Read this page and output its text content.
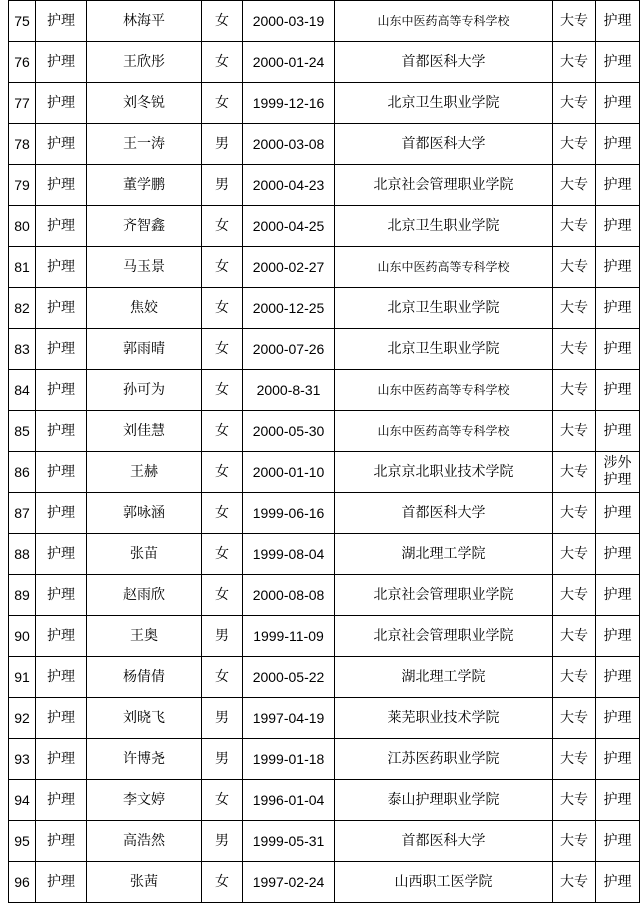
75	护理	林海平	女	2000-03-19	山东中医药高等专科学校	大专	护理
76	护理	王欣彤	女	2000-01-24	首都医科大学	大专	护理
77	护理	刘冬锐	女	1999-12-16	北京卫生职业学院	大专	护理
78	护理	王一涛	男	2000-03-08	首都医科大学	大专	护理
79	护理	董学鹏	男	2000-04-23	北京社会管理职业学院	大专	护理
80	护理	齐智鑫	女	2000-04-25	北京卫生职业学院	大专	护理
81	护理	马玉景	女	2000-02-27	山东中医药高等专科学校	大专	护理
82	护理	焦姣	女	2000-12-25	北京卫生职业学院	大专	护理
83	护理	郭雨晴	女	2000-07-26	北京卫生职业学院	大专	护理
84	护理	孙可为	女	2000-8-31	山东中医药高等专科学校	大专	护理
85	护理	刘佳慧	女	2000-05-30	山东中医药高等专科学校	大专	护理
86	护理	王赫	女	2000-01-10	北京京北职业技术学院	大专	涉外
护理
87	护理	郭咏涵	女	1999-06-16	首都医科大学	大专	护理
88	护理	张苗	女	1999-08-04	湖北理工学院	大专	护理
89	护理	赵雨欣	女	2000-08-08	北京社会管理职业学院	大专	护理
90	护理	王奥	男	1999-11-09	北京社会管理职业学院	大专	护理
91	护理	杨倩倩	女	2000-05-22	湖北理工学院	大专	护理
92	护理	刘晓飞	男	1997-04-19	莱芜职业技术学院	大专	护理
93	护理	许博尧	男	1999-01-18	江苏医药职业学院	大专	护理
94	护理	李文婷	女	1996-01-04	泰山护理职业学院	大专	护理
95	护理	高浩然	男	1999-05-31	首都医科大学	大专	护理
96	护理	张茜	女	1997-02-24	山西职工医学院	大专	护理
